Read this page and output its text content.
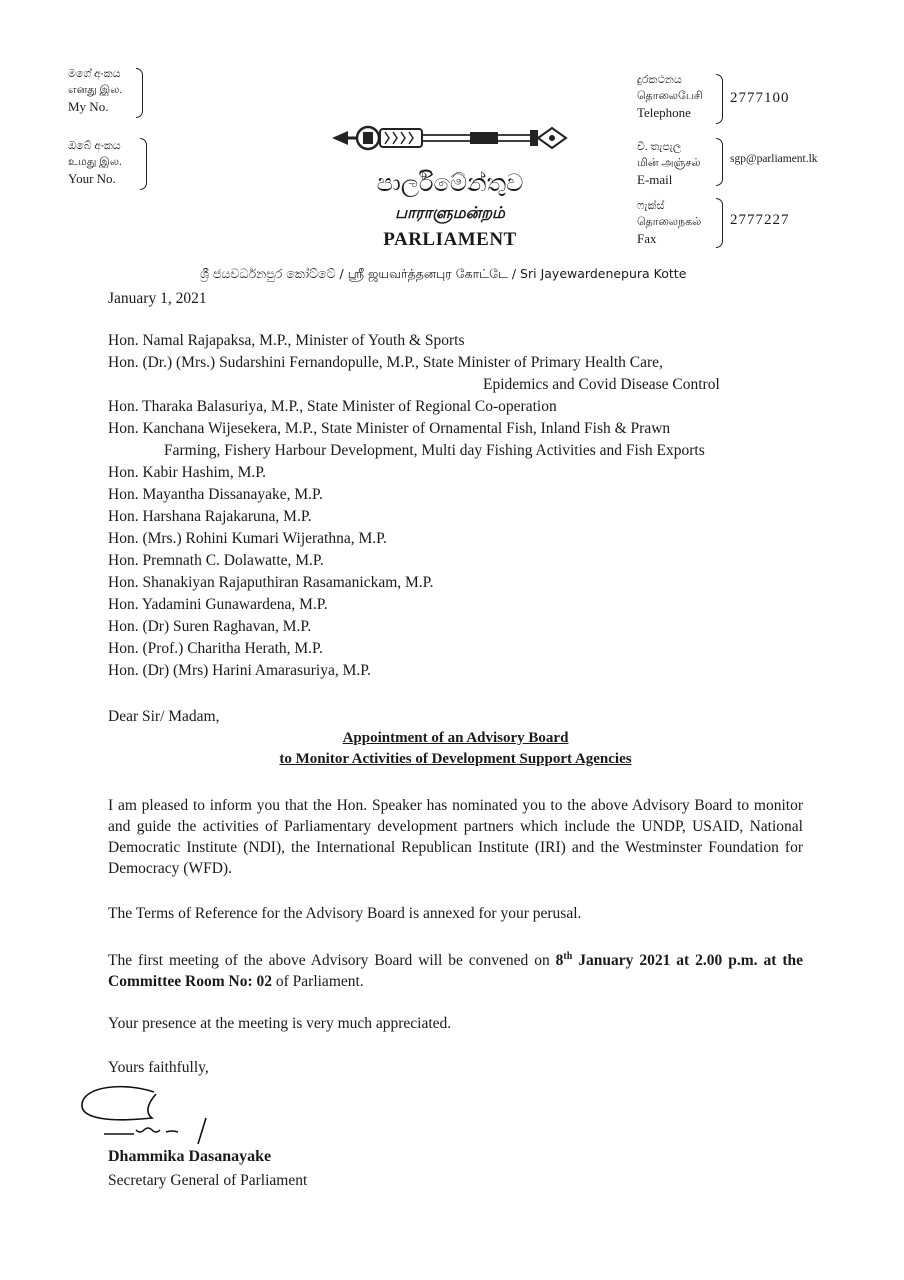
මගේ අංකය
எனது இல.
My No.
ඔබේ අංකය
உமது இல.
Your No.	පාර්ලිමේන්තුව
பாராளுமன்றம்
PARLIAMENT
දුරකථනය
தொலைபேசி
Telephone
2777100
වි. තැපැල
மின் அஞ்சல்
E-mail
sgp@parliament.lk
ෆැක්ස්
தொலைநகல்
Fax
2777227
ශ්‍රී ජයවර්ධනපුර කෝට්ටේ / ஸ்ரீ ஜயவர்த்தனபுர கோட்டே / Sri Jayewardenepura Kotte
January 1, 2021
Hon. Namal Rajapaksa, M.P., Minister of Youth & Sports
Hon. (Dr.) (Mrs.) Sudarshini Fernandopulle, M.P., State Minister of Primary Health Care,
Epidemics and Covid Disease Control
Hon. Tharaka Balasuriya, M.P., State Minister of Regional Co-operation
Hon. Kanchana Wijesekera, M.P., State Minister of Ornamental Fish, Inland Fish & Prawn
Farming, Fishery Harbour Development, Multi day Fishing Activities and Fish Exports
Hon. Kabir Hashim, M.P.
Hon. Mayantha Dissanayake, M.P.
Hon. Harshana Rajakaruna, M.P.
Hon. (Mrs.) Rohini Kumari Wijerathna, M.P.
Hon. Premnath C. Dolawatte, M.P.
Hon. Shanakiyan Rajaputhiran Rasamanickam, M.P.
Hon. Yadamini Gunawardena, M.P.
Hon. (Dr) Suren Raghavan, M.P.
Hon. (Prof.) Charitha Herath, M.P.
Hon. (Dr) (Mrs) Harini Amarasuriya, M.P.
Dear Sir/ Madam,
Appointment of an Advisory Board
to Monitor Activities of Development Support Agencies
I am pleased to inform you that the Hon. Speaker has nominated you to the above Advisory Board to monitor and guide the activities of Parliamentary development partners which include the UNDP, USAID, National Democratic Institute (NDI), the International Republican Institute (IRI) and the Westminster Foundation for Democracy (WFD).
The Terms of Reference for the Advisory Board is annexed for your perusal.
The first meeting of the above Advisory Board will be convened on 8th January 2021 at 2.00 p.m. at the Committee Room No: 02 of Parliament.
Your presence at the meeting is very much appreciated.
Yours faithfully,
Dhammika Dasanayake
Secretary General of Parliament
